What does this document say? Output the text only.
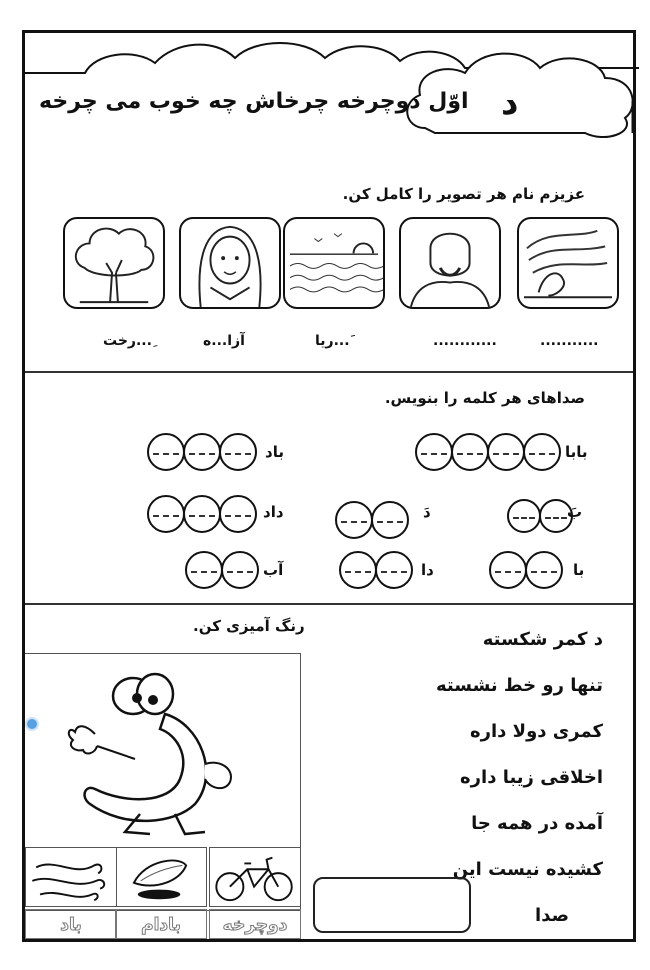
د
اوّل دوچرخه چرخاش چه خوب می چرخه
عزیزم نام هر تصویر را کامل کن.
...........
............
َ...ریا
آزا...ه
ِ...رخت
صداهای هر کلمه را بنویس.
بابا
باد
بَ
دَ
داد
با
دا
آب
رنگ آمیزی کن.
د کمر شکسته
تنها رو خط نشسته
کمری دولا داره
اخلاقی زیبا داره
آمده در همه جا
کشیده نیست این
صدا
دوچرخه
بادام
باد
